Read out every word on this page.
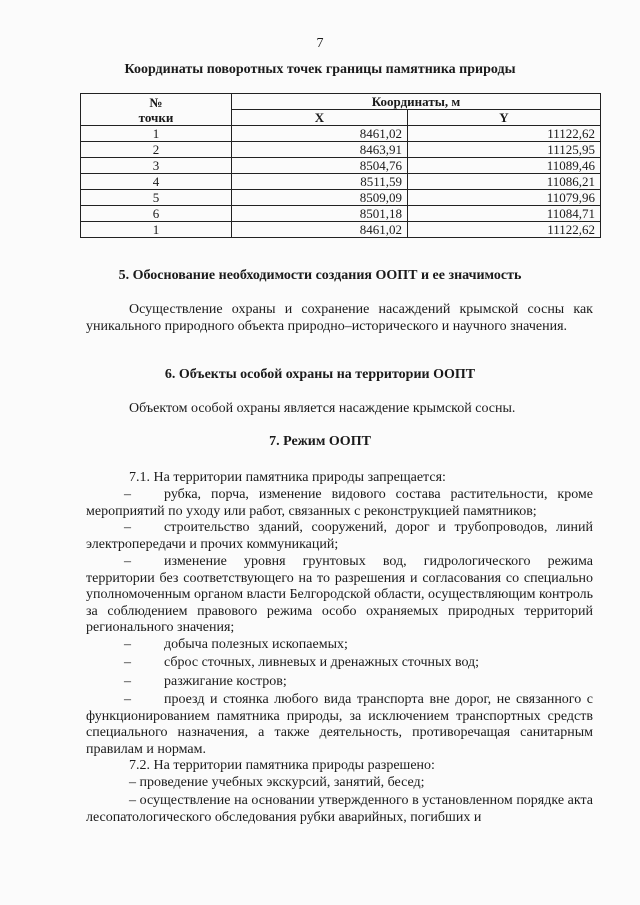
7
Координаты поворотных точек границы памятника природы
№
точки	Координаты, м	
	X	Y
1	8461,02	11122,62
2	8463,91	11125,95
3	8504,76	11089,46
4	8511,59	11086,21
5	8509,09	11079,96
6	8501,18	11084,71
1	8461,02	11122,62
5. Обоснование необходимости создания ООПТ и ее значимость
Осуществление охраны и сохранение насаждений крымской сосны как уникального природного объекта природно–исторического и научного значения.
6. Объекты особой охраны на территории ООПТ
Объектом особой охраны является насаждение крымской сосны.
7. Режим ООПТ
7.1. На территории памятника природы запрещается:
–	рубка, порча, изменение видового состава растительности, кроме мероприятий по уходу или работ, связанных с реконструкцией памятников;
–	строительство зданий, сооружений, дорог и трубопроводов, линий электропередачи и прочих коммуникаций;
–	изменение уровня грунтовых вод, гидрологического режима территории без соответствующего на то разрешения и согласования со специально уполномоченным органом власти Белгородской области, осуществляющим контроль за соблюдением правового режима особо охраняемых природных территорий регионального значения;
–	добыча полезных ископаемых;
–	сброс сточных, ливневых и дренажных сточных вод;
–	разжигание костров;
–	проезд и стоянка любого вида транспорта вне дорог, не связанного с функционированием памятника природы, за исключением транспортных средств специального назначения, а также деятельность, противоречащая санитарным правилам и нормам.
7.2. На территории памятника природы разрешено:
– проведение учебных экскурсий, занятий, бесед;
– осуществление на основании утвержденного в установленном порядке акта лесопатологического обследования рубки аварийных, погибших и
